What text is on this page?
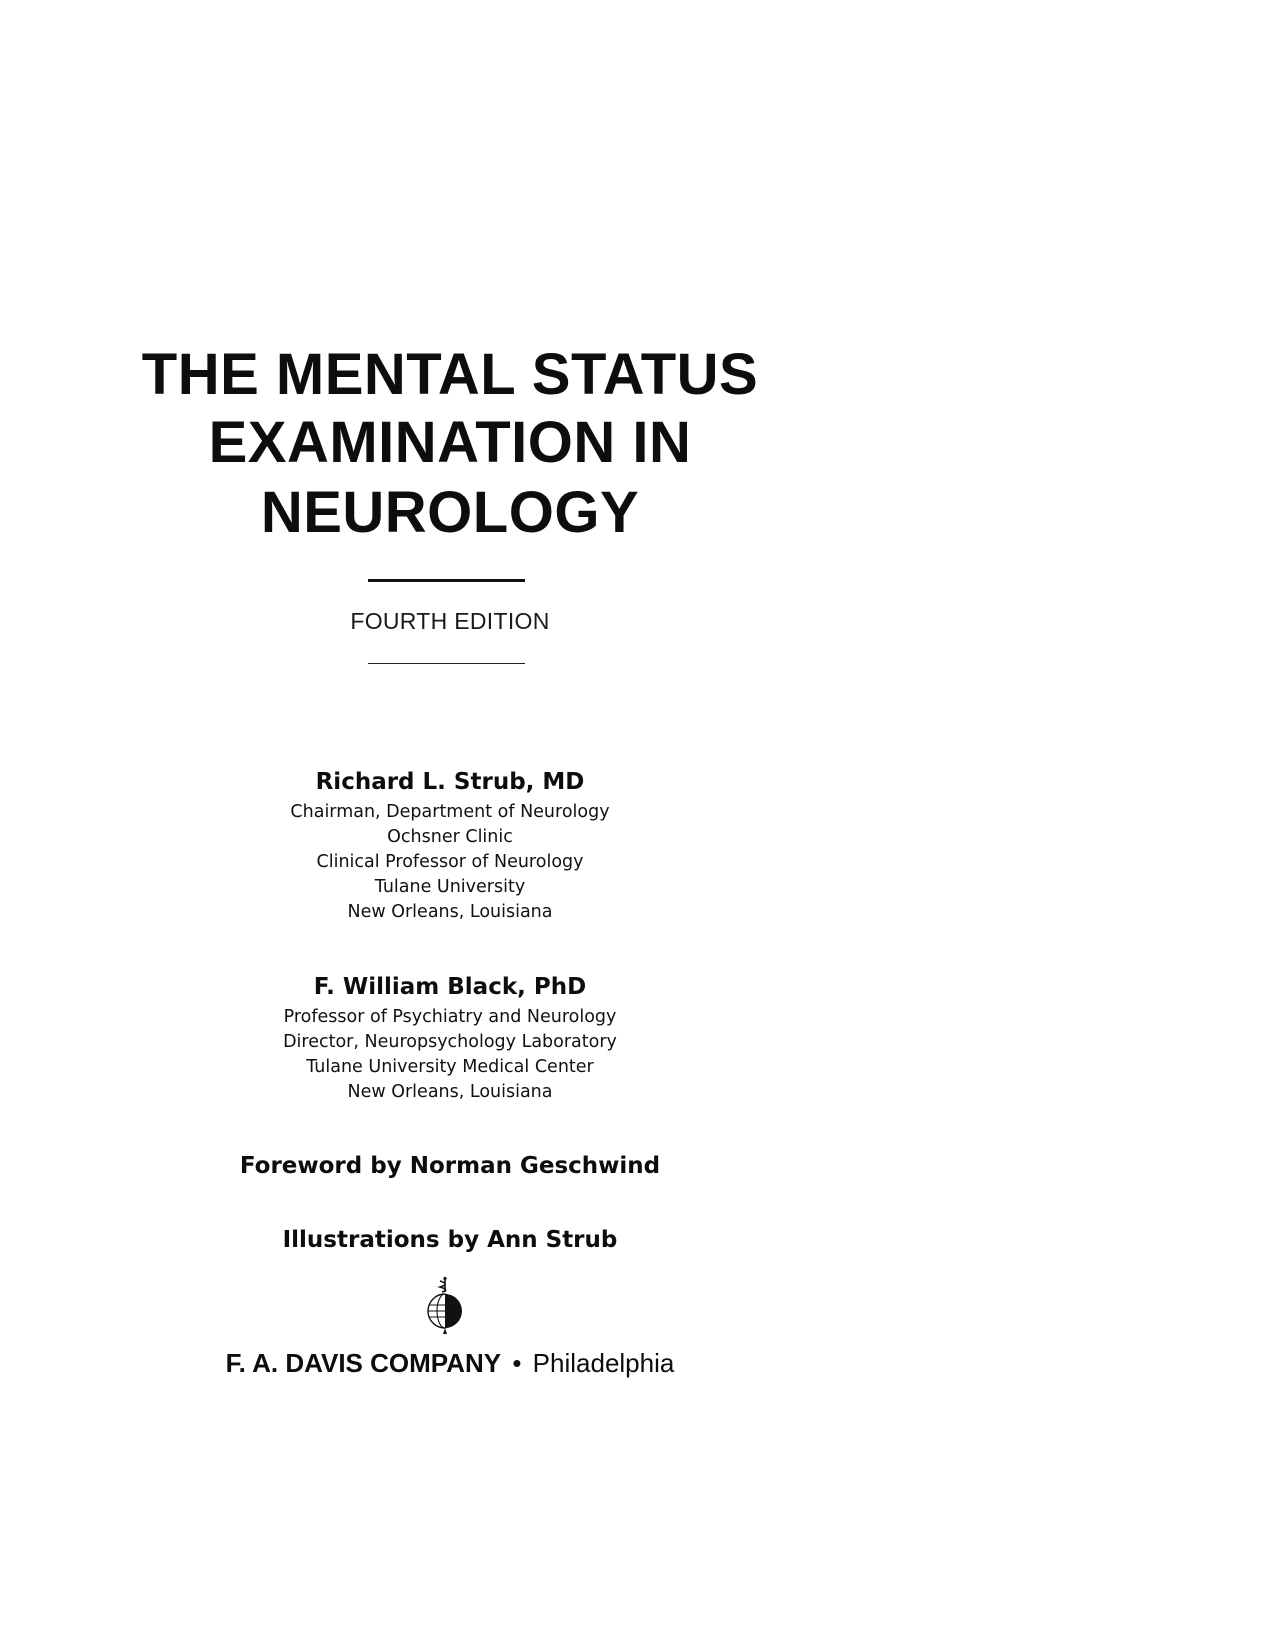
THE MENTAL STATUS
EXAMINATION IN
NEUROLOGY
FOURTH EDITION
Richard L. Strub, MD
Chairman, Department of Neurology
Ochsner Clinic
Clinical Professor of Neurology
Tulane University
New Orleans, Louisiana
F. William Black, PhD
Professor of Psychiatry and Neurology
Director, Neuropsychology Laboratory
Tulane University Medical Center
New Orleans, Louisiana
Foreword by Norman Geschwind
Illustrations by Ann Strub
F. A. DAVIS COMPANY • Philadelphia
